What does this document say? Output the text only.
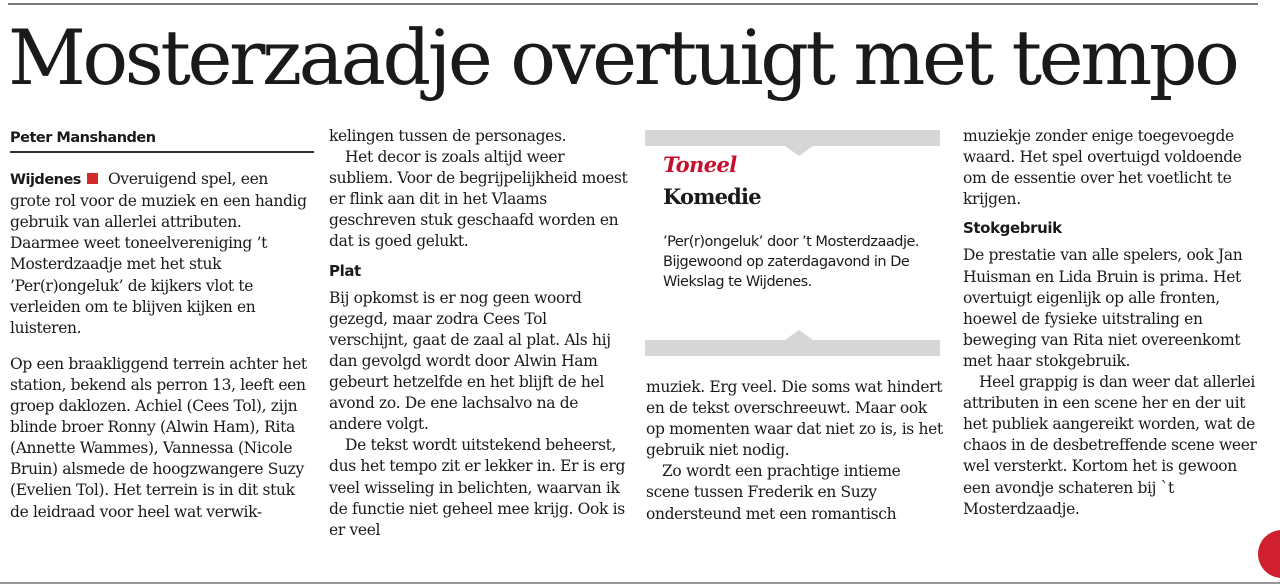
Mosterzaadje overtuigt met tempo
Peter Manshanden

Wijdenes Overuigend spel, een grote rol voor de muziek en een handig gebruik van allerlei attributen. Daarmee weet toneelvereniging ’t Mosterdzaadje met het stuk ’Per(r)ongeluk’ de kijkers vlot te verleiden om te blijven kijken en luisteren.

Op een braakliggend terrein achter het station, bekend als perron 13, leeft een groep daklozen. Achiel (Cees Tol), zijn blinde broer Ronny (Alwin Ham), Rita (Annette Wammes), Vannessa (Nicole Bruin) alsmede de hoogzwangere Suzy (Evelien Tol). Het terrein is in dit stuk de leidraad voor heel wat verwik-

kelingen tussen de personages.

Het decor is zoals altijd weer subliem. Voor de begrijpelijkheid moest er flink aan dit in het Vlaams geschreven stuk geschaafd worden en dat is goed gelukt.

Plat

Bij opkomst is er nog geen woord gezegd, maar zodra Cees Tol verschijnt, gaat de zaal al plat. Als hij dan gevolgd wordt door Alwin Ham gebeurt hetzelfde en het blijft de hel avond zo. De ene lachsalvo na de andere volgt.

De tekst wordt uitstekend beheerst, dus het tempo zit er lekker in. Er is erg veel wisseling in belichten, waarvan ik de functie niet geheel mee krijg. Ook is er veel

Toneel
Komedie

’Per(r)ongeluk’ door ’t Mosterdzaadje. Bijgewoond op zaterdagavond in De Wiekslag te Wijdenes.

muziek. Erg veel. Die soms wat hindert en de tekst overschreeuwt. Maar ook op momenten waar dat niet zo is, is het gebruik niet nodig.

Zo wordt een prachtige intieme scene tussen Frederik en Suzy ondersteund met een romantisch

muziekje zonder enige toegevoegde waard. Het spel overtuigd voldoende om de essentie over het voetlicht te krijgen.

Stokgebruik

De prestatie van alle spelers, ook Jan Huisman en Lida Bruin is prima. Het overtuigt eigenlijk op alle fronten, hoewel de fysieke uitstraling en beweging van Rita niet overeenkomt met haar stokgebruik.

Heel grappig is dan weer dat allerlei attributen in een scene her en der uit het publiek aangereikt worden, wat de chaos in de desbetreffende scene weer wel versterkt. Kortom het is gewoon een avondje schateren bij `t Mosterdzaadje.
